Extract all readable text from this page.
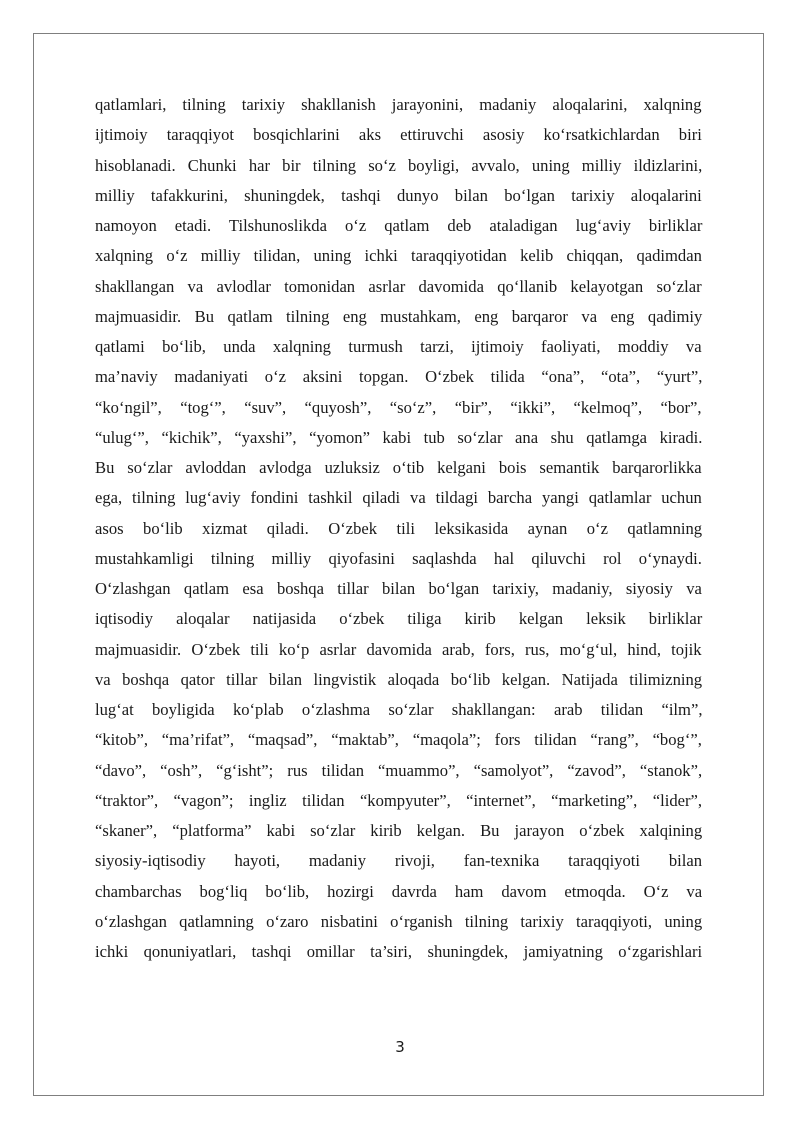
qatlamlari, tilning tarixiy shakllanish jarayonini, madaniy aloqalarini, xalqning
ijtimoiy taraqqiyot bosqichlarini aks ettiruvchi asosiy ko‘rsatkichlardan biri
hisoblanadi. Chunki har bir tilning so‘z boyligi, avvalo, uning milliy ildizlarini,
milliy tafakkurini, shuningdek, tashqi dunyo bilan bo‘lgan tarixiy aloqalarini
namoyon etadi. Tilshunoslikda o‘z qatlam deb ataladigan lug‘aviy birliklar
xalqning o‘z milliy tilidan, uning ichki taraqqiyotidan kelib chiqqan, qadimdan
shakllangan va avlodlar tomonidan asrlar davomida qo‘llanib kelayotgan so‘zlar
majmuasidir. Bu qatlam tilning eng mustahkam, eng barqaror va eng qadimiy
qatlami bo‘lib, unda xalqning turmush tarzi, ijtimoiy faoliyati, moddiy va
ma’naviy madaniyati o‘z aksini topgan. O‘zbek tilida “ona”, “ota”, “yurt”,
“ko‘ngil”, “tog‘”, “suv”, “quyosh”, “so‘z”, “bir”, “ikki”, “kelmoq”, “bor”,
“ulug‘”, “kichik”, “yaxshi”, “yomon” kabi tub so‘zlar ana shu qatlamga kiradi.
Bu so‘zlar avloddan avlodga uzluksiz o‘tib kelgani bois semantik barqarorlikka
ega, tilning lug‘aviy fondini tashkil qiladi va tildagi barcha yangi qatlamlar uchun
asos bo‘lib xizmat qiladi. O‘zbek tili leksikasida aynan o‘z qatlamning
mustahkamligi tilning milliy qiyofasini saqlashda hal qiluvchi rol o‘ynaydi.
O‘zlashgan qatlam esa boshqa tillar bilan bo‘lgan tarixiy, madaniy, siyosiy va
iqtisodiy aloqalar natijasida o‘zbek tiliga kirib kelgan leksik birliklar
majmuasidir. O‘zbek tili ko‘p asrlar davomida arab, fors, rus, mo‘g‘ul, hind, tojik
va boshqa qator tillar bilan lingvistik aloqada bo‘lib kelgan. Natijada tilimizning
lug‘at boyligida ko‘plab o‘zlashma so‘zlar shakllangan: arab tilidan “ilm”,
“kitob”, “ma’rifat”, “maqsad”, “maktab”, “maqola”; fors tilidan “rang”, “bog‘”,
“davo”, “osh”, “g‘isht”; rus tilidan “muammo”, “samolyot”, “zavod”, “stanok”,
“traktor”, “vagon”; ingliz tilidan “kompyuter”, “internet”, “marketing”, “lider”,
“skaner”, “platforma” kabi so‘zlar kirib kelgan. Bu jarayon o‘zbek xalqining
siyosiy-iqtisodiy hayoti, madaniy rivoji, fan-texnika taraqqiyoti bilan
chambarchas bog‘liq bo‘lib, hozirgi davrda ham davom etmoqda. O‘z va
o‘zlashgan qatlamning o‘zaro nisbatini o‘rganish tilning tarixiy taraqqiyoti, uning
ichki qonuniyatlari, tashqi omillar ta’siri, shuningdek, jamiyatning o‘zgarishlari
3
